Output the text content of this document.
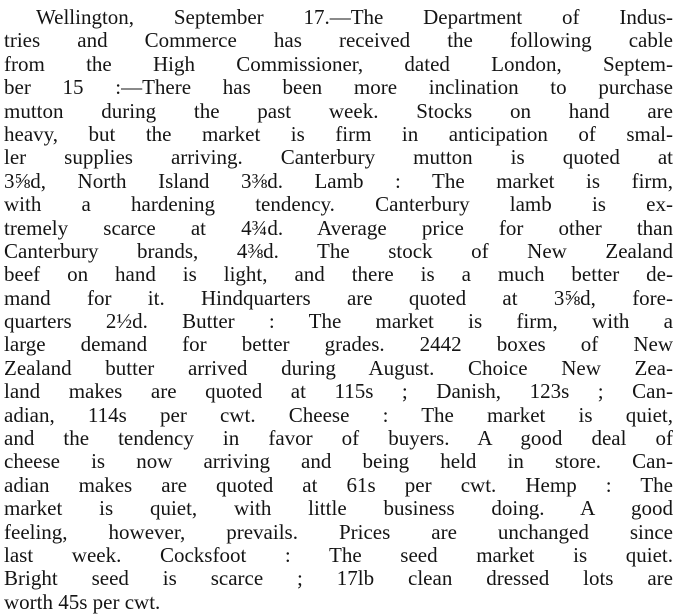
Wellington, September 17.—The Department of Indus-
tries and Commerce has received the following cable
from the High Commissioner, dated London, Septem-
ber 15 :—There has been more inclination to purchase
mutton during the past week. Stocks on hand are
heavy, but the market is firm in anticipation of smal-
ler supplies arriving. Canterbury mutton is quoted at
3⅝d, North Island 3⅜d. Lamb : The market is firm,
with a hardening tendency. Canterbury lamb is ex-
tremely scarce at 4¾d. Average price for other than
Canterbury brands, 4⅜d. The stock of New Zealand
beef on hand is light, and there is a much better de-
mand for it. Hindquarters are quoted at 3⅝d, fore-
quarters 2½d. Butter : The market is firm, with a
large demand for better grades. 2442 boxes of New
Zealand butter arrived during August. Choice New Zea-
land makes are quoted at 115s ; Danish, 123s ; Can-
adian, 114s per cwt. Cheese : The market is quiet,
and the tendency in favor of buyers. A good deal of
cheese is now arriving and being held in store. Can-
adian makes are quoted at 61s per cwt. Hemp : The
market is quiet, with little business doing. A good
feeling, however, prevails. Prices are unchanged since
last week. Cocksfoot : The seed market is quiet.
Bright seed is scarce ; 17lb clean dressed lots are
worth 45s per cwt.
